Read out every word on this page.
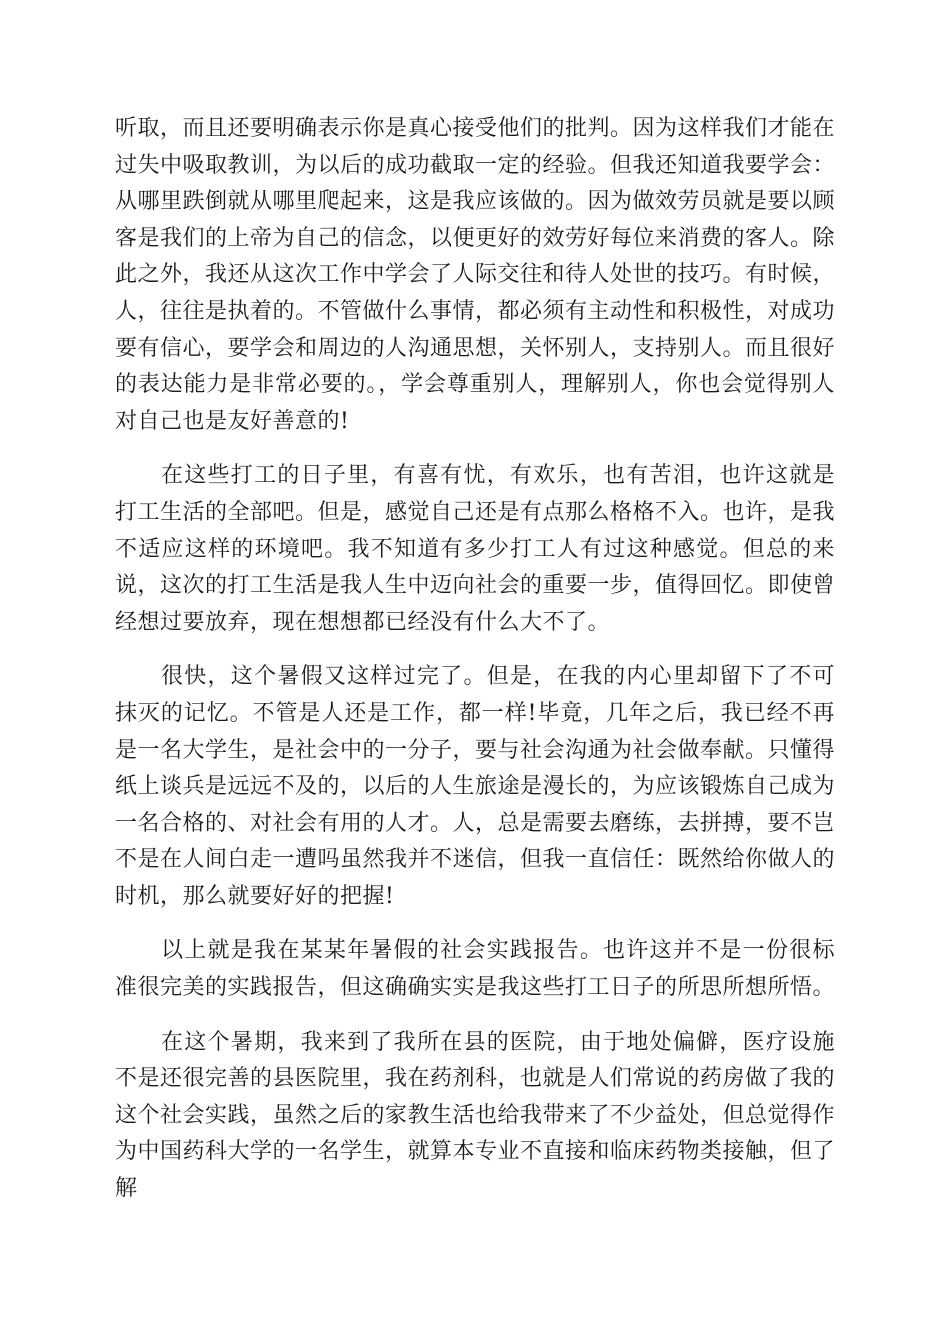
听取，而且还要明确表示你是真心接受他们的批判。因为这样我们才能在过失中吸取教训，为以后的成功截取一定的经验。但我还知道我要学会：从哪里跌倒就从哪里爬起来，这是我应该做的。因为做效劳员就是要以顾客是我们的上帝为自己的信念，以便更好的效劳好每位来消费的客人。除此之外，我还从这次工作中学会了人际交往和待人处世的技巧。有时候，人，往往是执着的。不管做什么事情，都必须有主动性和积极性，对成功要有信心，要学会和周边的人沟通思想，关怀别人，支持别人。而且很好的表达能力是非常必要的。，学会尊重别人，理解别人，你也会觉得别人对自己也是友好善意的!

在这些打工的日子里，有喜有忧，有欢乐，也有苦泪，也许这就是打工生活的全部吧。但是，感觉自己还是有点那么格格不入。也许，是我不适应这样的环境吧。我不知道有多少打工人有过这种感觉。但总的来说，这次的打工生活是我人生中迈向社会的重要一步，值得回忆。即使曾经想过要放弃，现在想想都已经没有什么大不了。

很快，这个暑假又这样过完了。但是，在我的内心里却留下了不可抹灭的记忆。不管是人还是工作，都一样!毕竟，几年之后，我已经不再是一名大学生，是社会中的一分子，要与社会沟通为社会做奉献。只懂得纸上谈兵是远远不及的，以后的人生旅途是漫长的，为应该锻炼自己成为一名合格的、对社会有用的人才。人，总是需要去磨练，去拼搏，要不岂不是在人间白走一遭吗虽然我并不迷信，但我一直信任：既然给你做人的时机，那么就要好好的把握!

以上就是我在某某年暑假的社会实践报告。也许这并不是一份很标准很完美的实践报告，但这确确实实是我这些打工日子的所思所想所悟。

在这个暑期，我来到了我所在县的医院，由于地处偏僻，医疗设施不是还很完善的县医院里，我在药剂科，也就是人们常说的药房做了我的这个社会实践，虽然之后的家教生活也给我带来了不少益处，但总觉得作为中国药科大学的一名学生，就算本专业不直接和临床药物类接触，但了解
